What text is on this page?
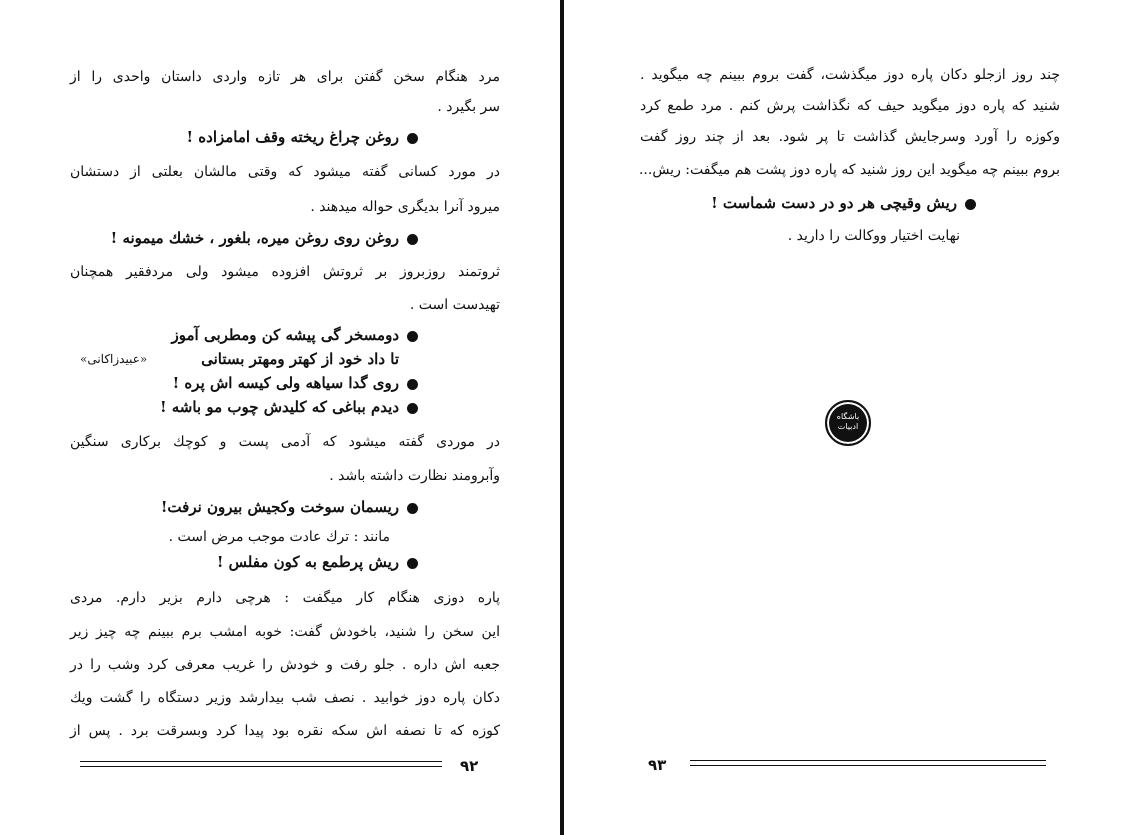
مرد هنگام سخن گفتن برای هر تازه واردی داستان واحدی را از
سر بگیرد .
روغن چراغ ریخته وقف امامزاده !
در مورد کسانی گفته میشود که وقتی مالشان بعلتی از دستشان
میرود آنرا بدیگری حواله میدهند .
روغن روی روغن میره، بلغور ، خشك میمونه !
ثروتمند روزبروز بر ثروتش افزوده میشود ولی مردفقیر همچنان
تهیدست است .
دومسخر گی پیشه کن ومطربی آموز
تا داد خود از کهتر ومهتر بستانی
«عبیدزاکانی»
روی گدا سیاهه ولی کیسه اش پره !
دیدم بباغی که کلیدش چوب مو باشه !
در موردی گفته میشود که آدمی پست و کوچك برکاری سنگین
وآبرومند نظارت داشته باشد .
ریسمان سوخت وکجیش بیرون نرفت!
مانند : ترك عادت موجب مرض است .
ریش پرطمع به کون مفلس !
پاره دوزی هنگام کار میگفت : هرچی دارم بزیر دارم. مردی
این سخن را شنید، باخودش گفت: خوبه امشب برم ببینم چه چیز زیر
جعبه اش داره . جلو رفت و خودش را غریب معرفی کرد وشب را در
دکان پاره دوز خوابید . نصف شب بیدارشد وزیر دستگاه را گشت ویك
کوزه که تا نصفه اش سکه نقره بود پیدا کرد وبسرقت برد . پس از
۹۲
چند روز ازجلو دکان پاره دوز میگذشت، گفت بروم ببینم چه میگوید .
شنید که پاره دوز میگوید حیف که نگذاشت پرش کنم . مرد طمع کرد
وکوزه را آورد وسرجایش گذاشت تا پر شود. بعد از چند روز گفت
بروم ببینم چه میگوید این روز شنید که پاره دوز پشت هم میگفت: ریش...
ریش وقیچی هر دو در دست شماست !
نهایت اختیار ووکالت را دارید .
باشگاه
ادبیات
۹۳
